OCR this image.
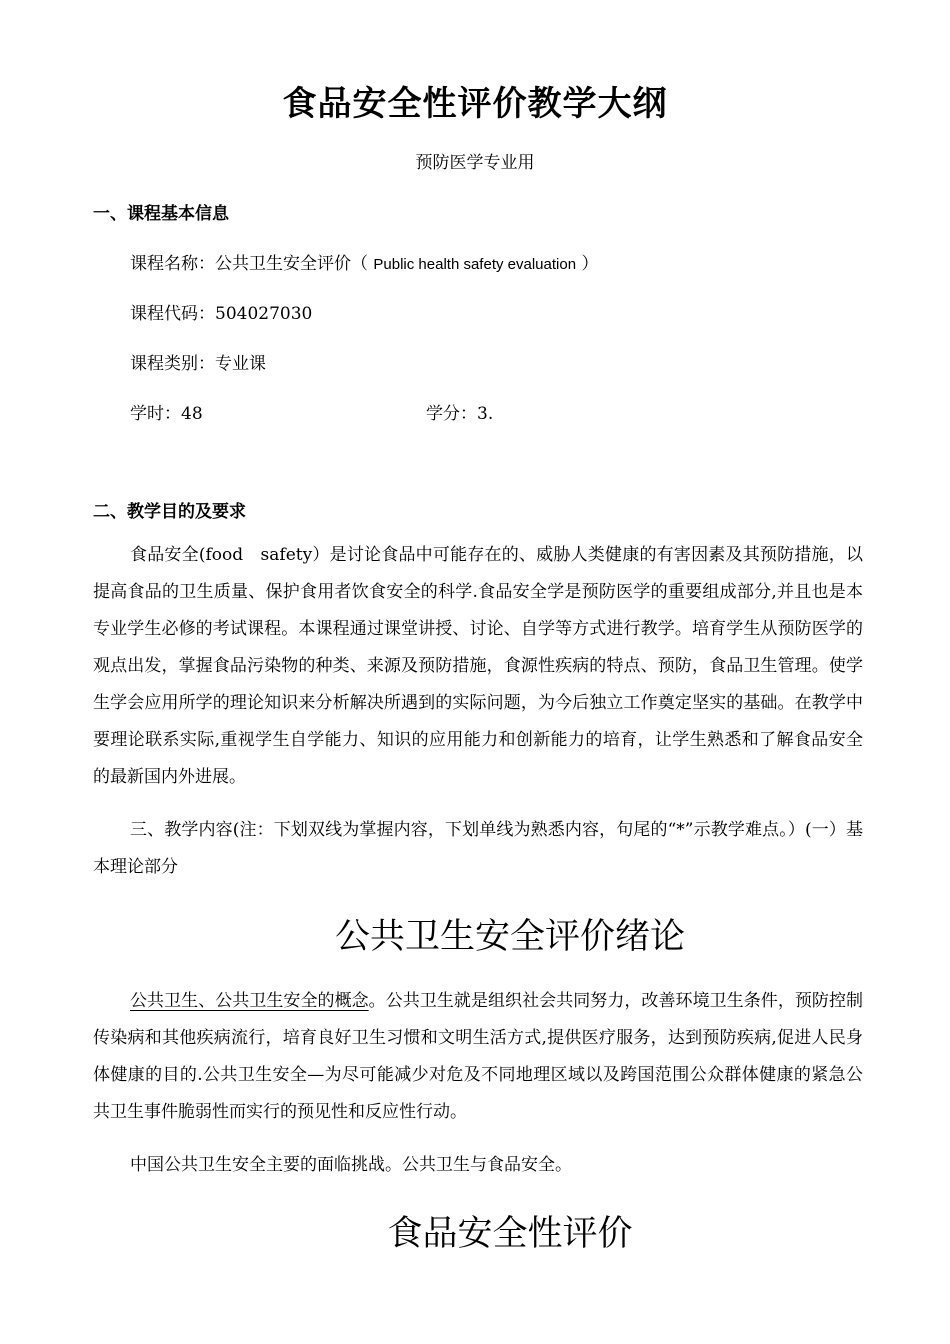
食品安全性评价教学大纲
预防医学专业用
一、课程基本信息
课程名称：公共卫生安全评价（ Public health safety evaluation ）
课程代码：504027030
课程类别：专业课
学时：48	学分：3.
二、教学目的及要求
食品安全(food　safety）是讨论食品中可能存在的、威胁人类健康的有害因素及其预防措施，以提高食品的卫生质量、保护食用者饮食安全的科学.食品安全学是预防医学的重要组成部分,并且也是本专业学生必修的考试课程。本课程通过课堂讲授、讨论、自学等方式进行教学。培育学生从预防医学的观点出发，掌握食品污染物的种类、来源及预防措施，食源性疾病的特点、预防，食品卫生管理。使学生学会应用所学的理论知识来分析解决所遇到的实际问题，为今后独立工作奠定坚实的基础。在教学中要理论联系实际,重视学生自学能力、知识的应用能力和创新能力的培育，让学生熟悉和了解食品安全的最新国内外进展。
三、教学内容(注：下划双线为掌握内容，下划单线为熟悉内容，句尾的“*”示教学难点。）(一）基本理论部分
公共卫生安全评价绪论
公共卫生、公共卫生安全的概念。公共卫生就是组织社会共同努力，改善环境卫生条件，预防控制传染病和其他疾病流行，培育良好卫生习惯和文明生活方式,提供医疗服务，达到预防疾病,促进人民身体健康的目的.公共卫生安全—为尽可能减少对危及不同地理区域以及跨国范围公众群体健康的紧急公共卫生事件脆弱性而实行的预见性和反应性行动。
中国公共卫生安全主要的面临挑战。公共卫生与食品安全。
食品安全性评价
